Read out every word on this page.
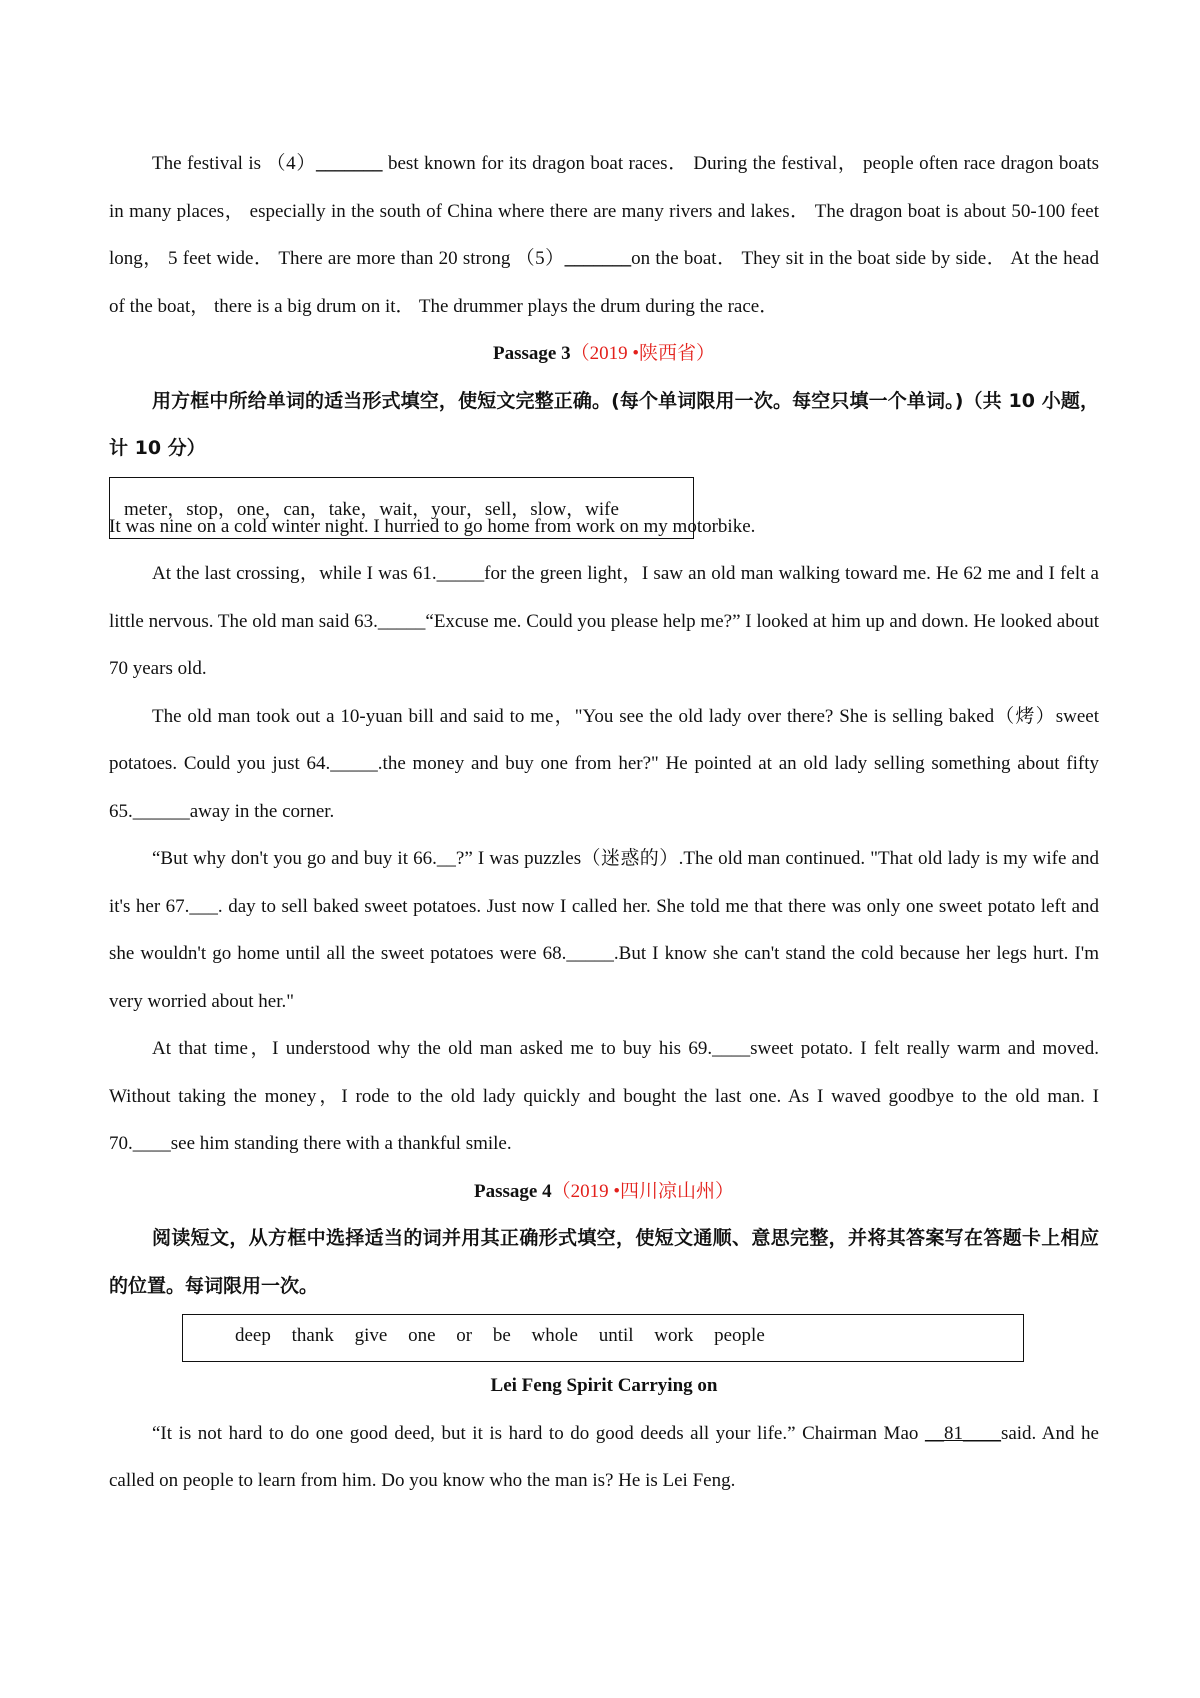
The festival is （4）_______ best known for its dragon boat races． During the festival， people often race dragon boats in many places， especially in the south of China where there are many rivers and lakes． The dragon boat is about 50-100 feet long， 5 feet wide． There are more than 20 strong （5）_______on the boat． They sit in the boat side by side． At the head of the boat， there is a big drum on it． The drummer plays the drum during the race．

Passage 3（2019 •陕西省）

用方框中所给单词的适当形式填空，使短文完整正确。(每个单词限用一次。每空只填一个单词。)（共 10 小题，计 10 分）

meter，stop，one，can，take，wait，your，sell，slow，wife

It was nine on a cold winter night. I hurried to go home from work on my motorbike.

At the last crossing，while I was 61._____for the green light，I saw an old man walking toward me. He 62 me and I felt a little nervous. The old man said 63._____“Excuse me. Could you please help me?” I looked at him up and down. He looked about 70 years old.

The old man took out a 10-yuan bill and said to me，"You see the old lady over there? She is selling baked（烤）sweet potatoes. Could you just 64._____.the money and buy one from her?" He pointed at an old lady selling something about fifty 65.______away in the corner.

“But why don't you go and buy it 66.__?” I was puzzles（迷惑的）.The old man continued. "That old lady is my wife and it's her 67.___. day to sell baked sweet potatoes. Just now I called her. She told me that there was only one sweet potato left and she wouldn't go home until all the sweet potatoes were 68._____.But I know she can't stand the cold because her legs hurt. I'm very worried about her."

At that time，I understood why the old man asked me to buy his 69.____sweet potato. I felt really warm and moved. Without taking the money，I rode to the old lady quickly and bought the last one. As I waved goodbye to the old man. I 70.____see him standing there with a thankful smile.

Passage 4（2019 •四川凉山州）

阅读短文，从方框中选择适当的词并用其正确形式填空，使短文通顺、意思完整，并将其答案写在答题卡上相应的位置。每词限用一次。

deep thank give one or be whole until work people

Lei Feng Spirit Carrying on

“It is not hard to do one good deed, but it is hard to do good deeds all your life.” Chairman Mao __81____said. And he called on people to learn from him. Do you know who the man is? He is Lei Feng.
